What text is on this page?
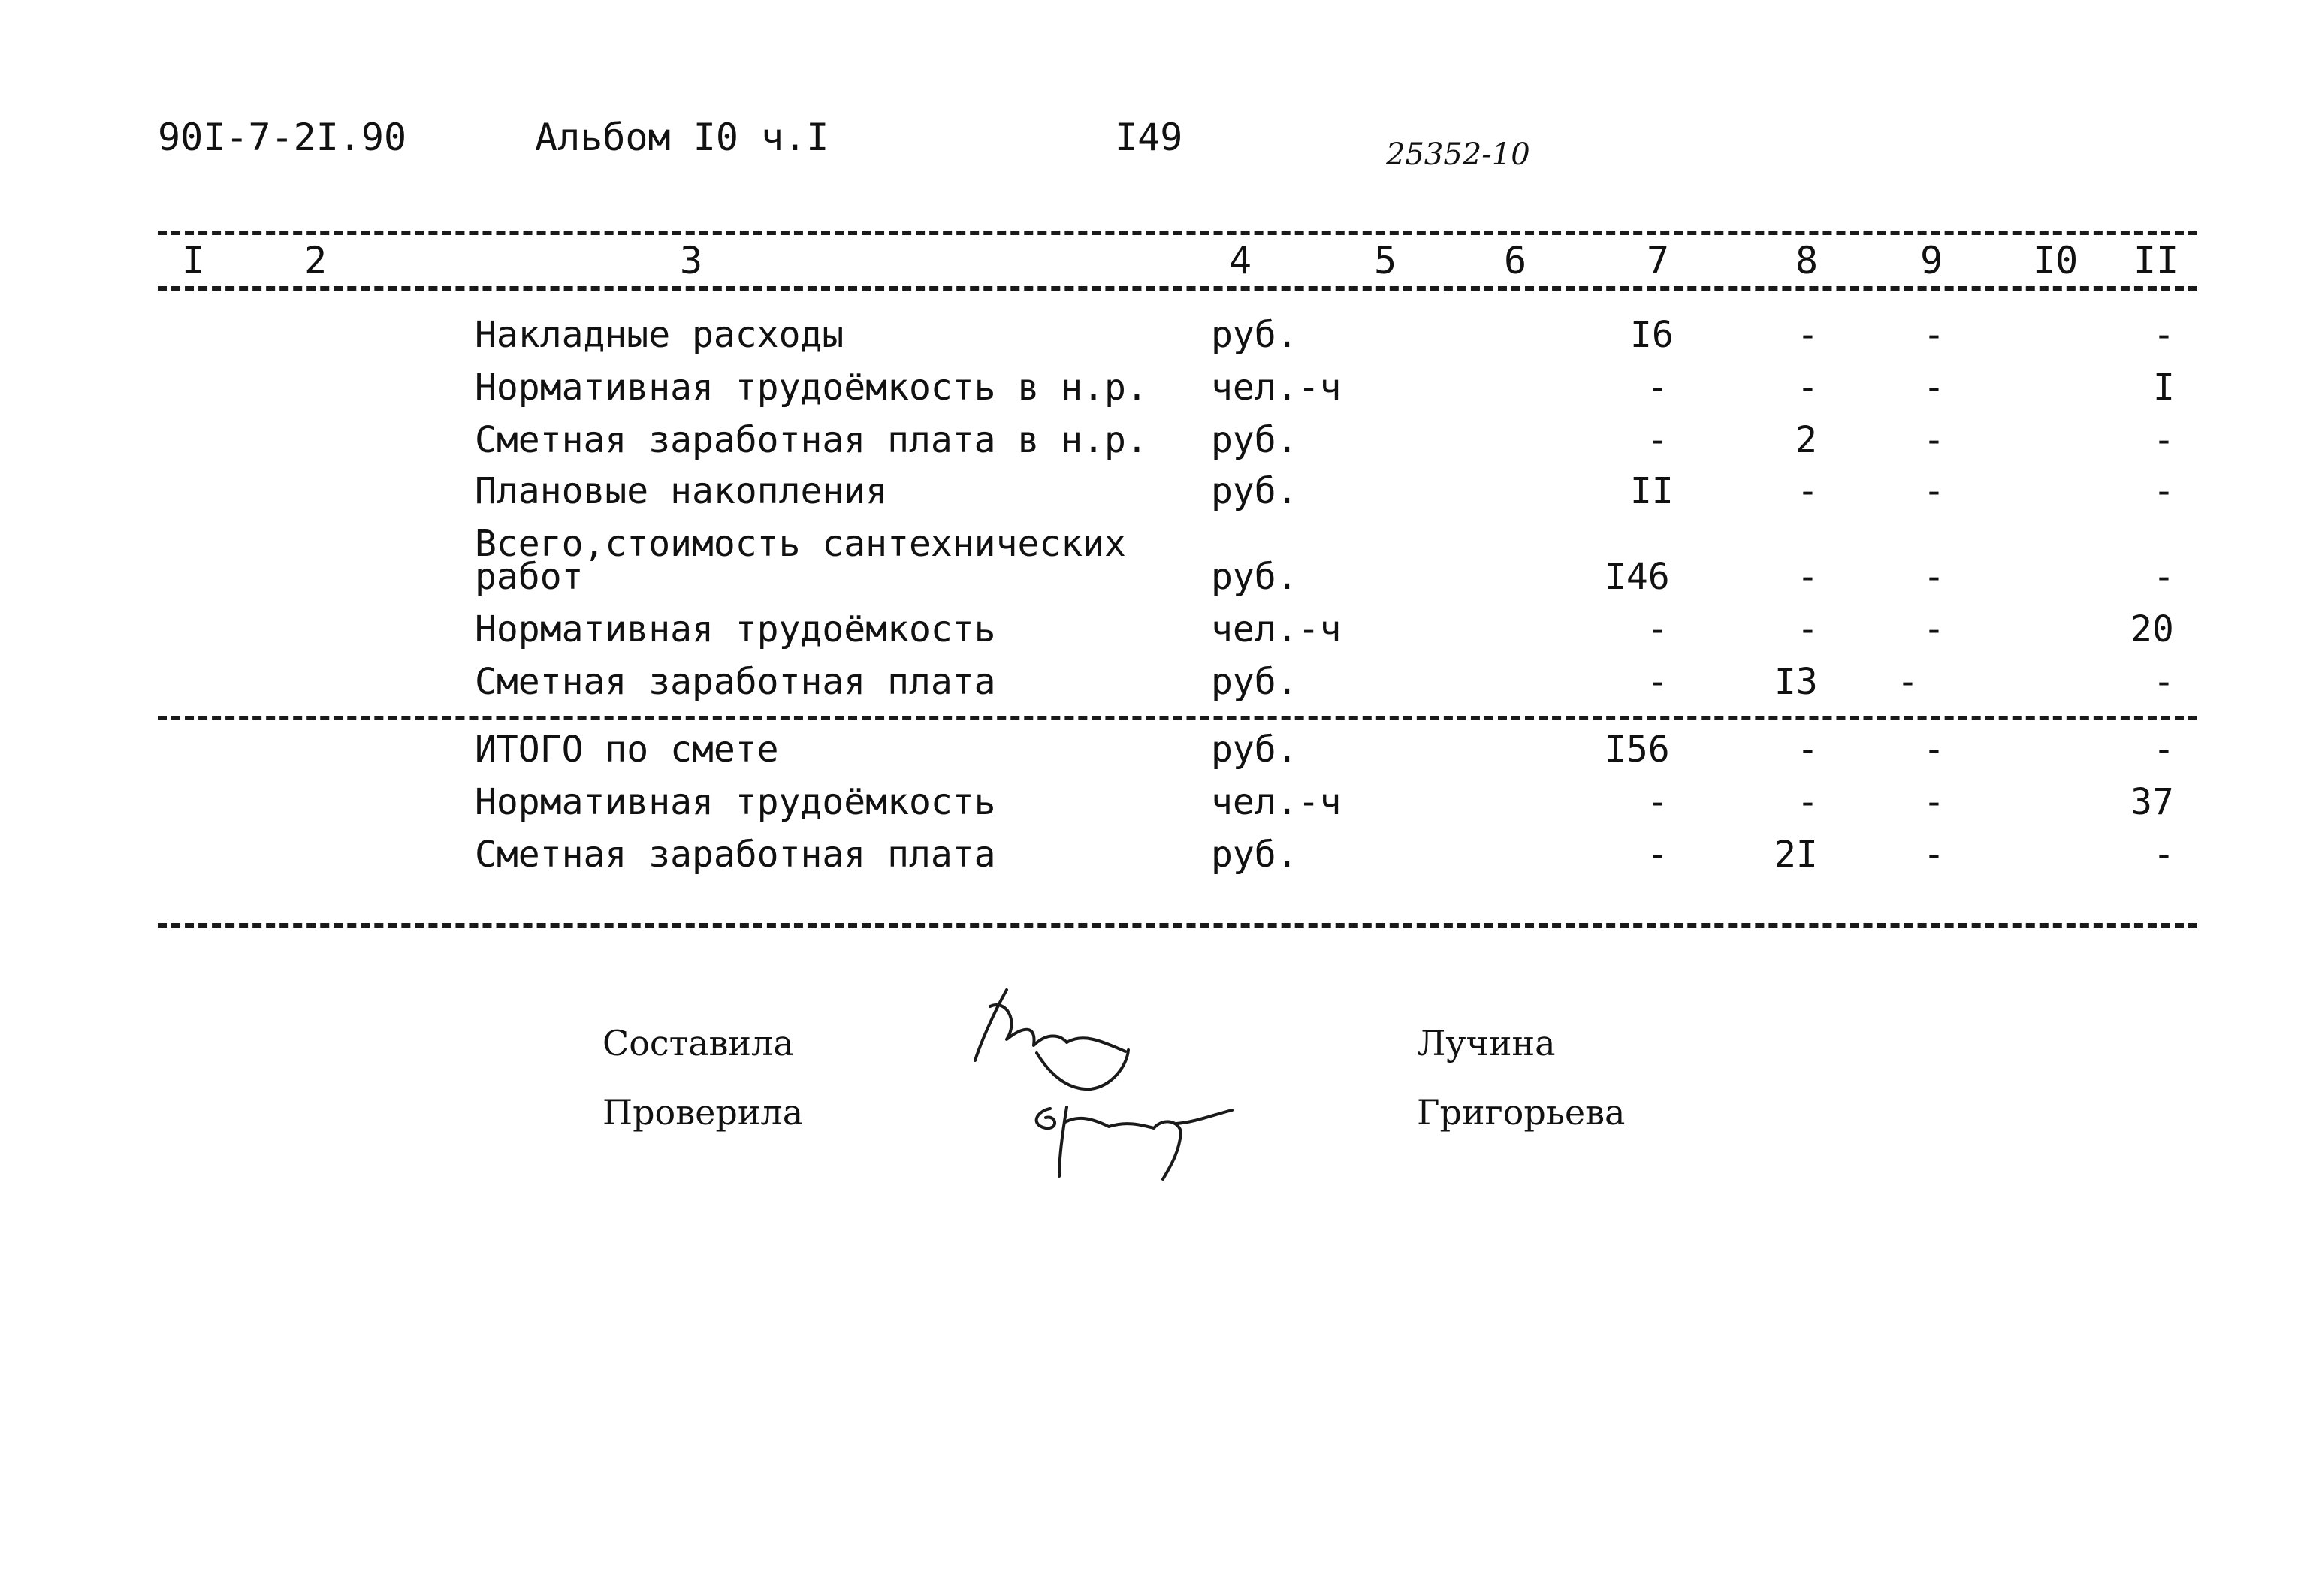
90I-7-2I.90	Альбом I0 ч.I	I49	25352-10
I	2	3	4	5	6	7	8	9 I0 II
Накладные расходы	руб.	I6	-	-	-
Нормативная трудоёмкость в н.р. чел.-ч	-	-	-	I
Сметная заработная плата в н.р. руб.	-	2	-	-
Плановые накопления	руб.	II	-	-	-
Всего,стоимость сантехнических
работ	руб.	I46	-	-	-
Нормативная трудоёмкость	чел.-ч	-	-	-	20
Сметная заработная плата	руб.	-	I3 -	-
ИТОГО по смете	руб.	I56	-	-	-
Нормативная трудоёмкость	чел.-ч	-	-	-	37
Сметная заработная плата	руб.	-	2I	-	-
Составила	Лучина
Проверила	Григорьева
